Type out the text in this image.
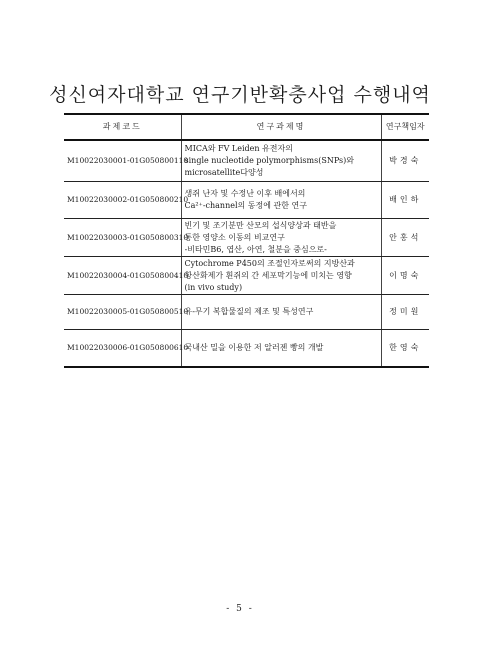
성신여자대학교 연구기반확충사업 수행내역
과제코드	연구과제명	연구책임자
M10022030001-01G050800110	MICA와 FV Leiden 유전자의
single nucleotide polymorphisms(SNPs)와
microsatellite다양성	박경숙
M10022030002-01G050800210	생쥐 난자 및 수정난 이후 배에서의
Ca²⁺-channel의 동정에 관한 연구	배인하
M10022030003-01G050800310	빈기 및 조기분만 산모의 섭식양상과 태반을
통한 영양소 이동의 비교연구
-비타민B6, 엽산, 아연, 철분을 중심으로-	안홍석
M10022030004-01G050800410	Cytochrome P450의 조절인자로써의 지방산과
항산화제가 흰쥐의 간 세포막기능에 미치는 영향
(in vivo study)	이명숙
M10022030005-01G050800510	유-무기 복합물질의 제조 및 특성연구	정미원
M10022030006-01G050800610	국내산 밀을 이용한 저 알러젠 빵의 개발	한영숙
- 5 -
